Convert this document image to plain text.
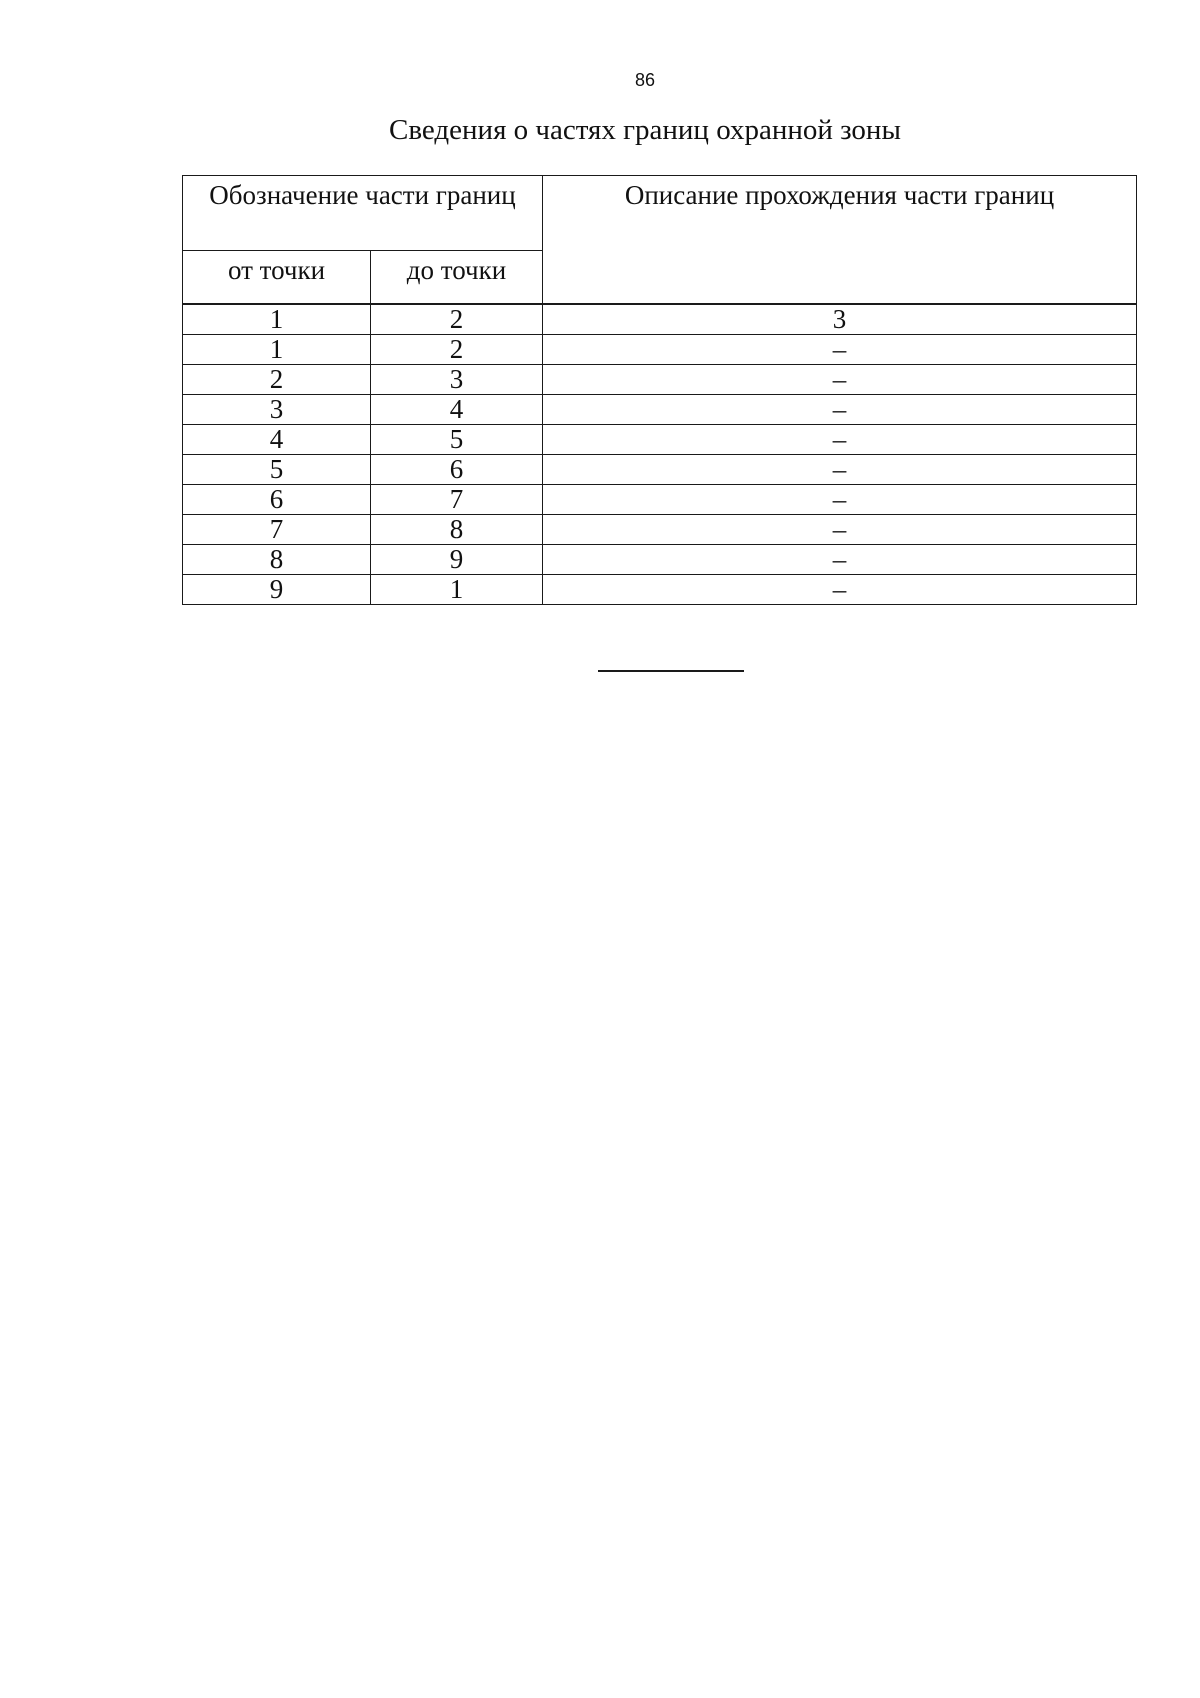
86
Сведения о частях границ охранной зоны
Обозначение части границ		Описание прохождения части границ
от точки	до точки	
1	2	3
1	2	–
2	3	–
3	4	–
4	5	–
5	6	–
6	7	–
7	8	–
8	9	–
9	1	–
